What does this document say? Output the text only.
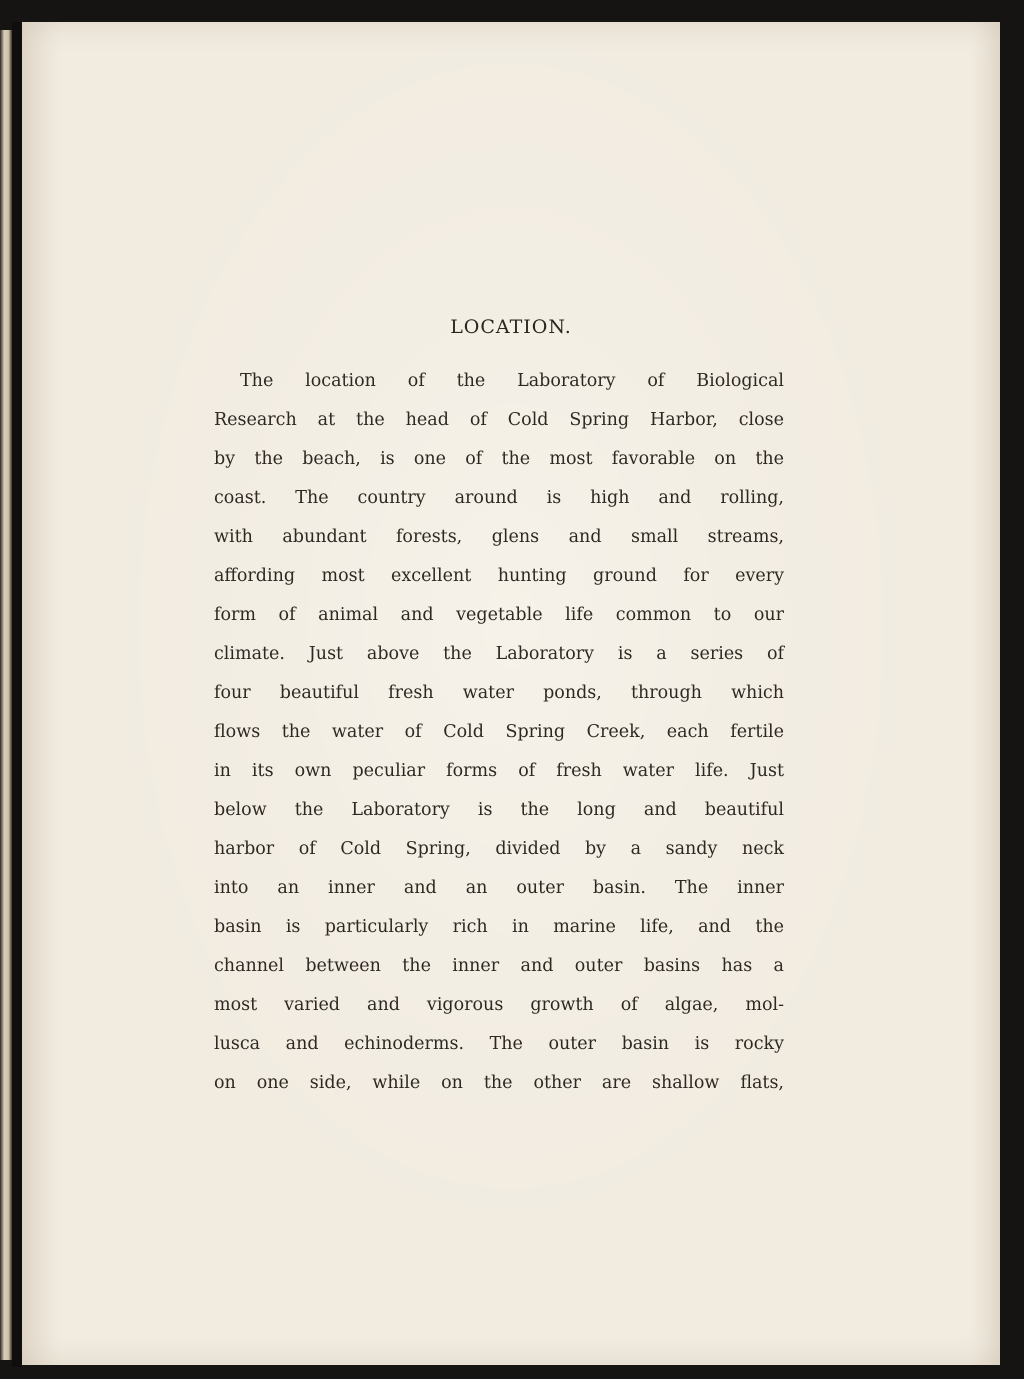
LOCATION.
The location of the Laboratory of Biological
Research at the head of Cold Spring Harbor, close
by the beach, is one of the most favorable on the
coast. The country around is high and rolling,
with abundant forests, glens and small streams,
affording most excellent hunting ground for every
form of animal and vegetable life common to our
climate. Just above the Laboratory is a series of
four beautiful fresh water ponds, through which
flows the water of Cold Spring Creek, each fertile
in its own peculiar forms of fresh water life. Just
below the Laboratory is the long and beautiful
harbor of Cold Spring, divided by a sandy neck
into an inner and an outer basin. The inner
basin is particularly rich in marine life, and the
channel between the inner and outer basins has a
most varied and vigorous growth of algae, mol-
lusca and echinoderms. The outer basin is rocky
on one side, while on the other are shallow flats,
